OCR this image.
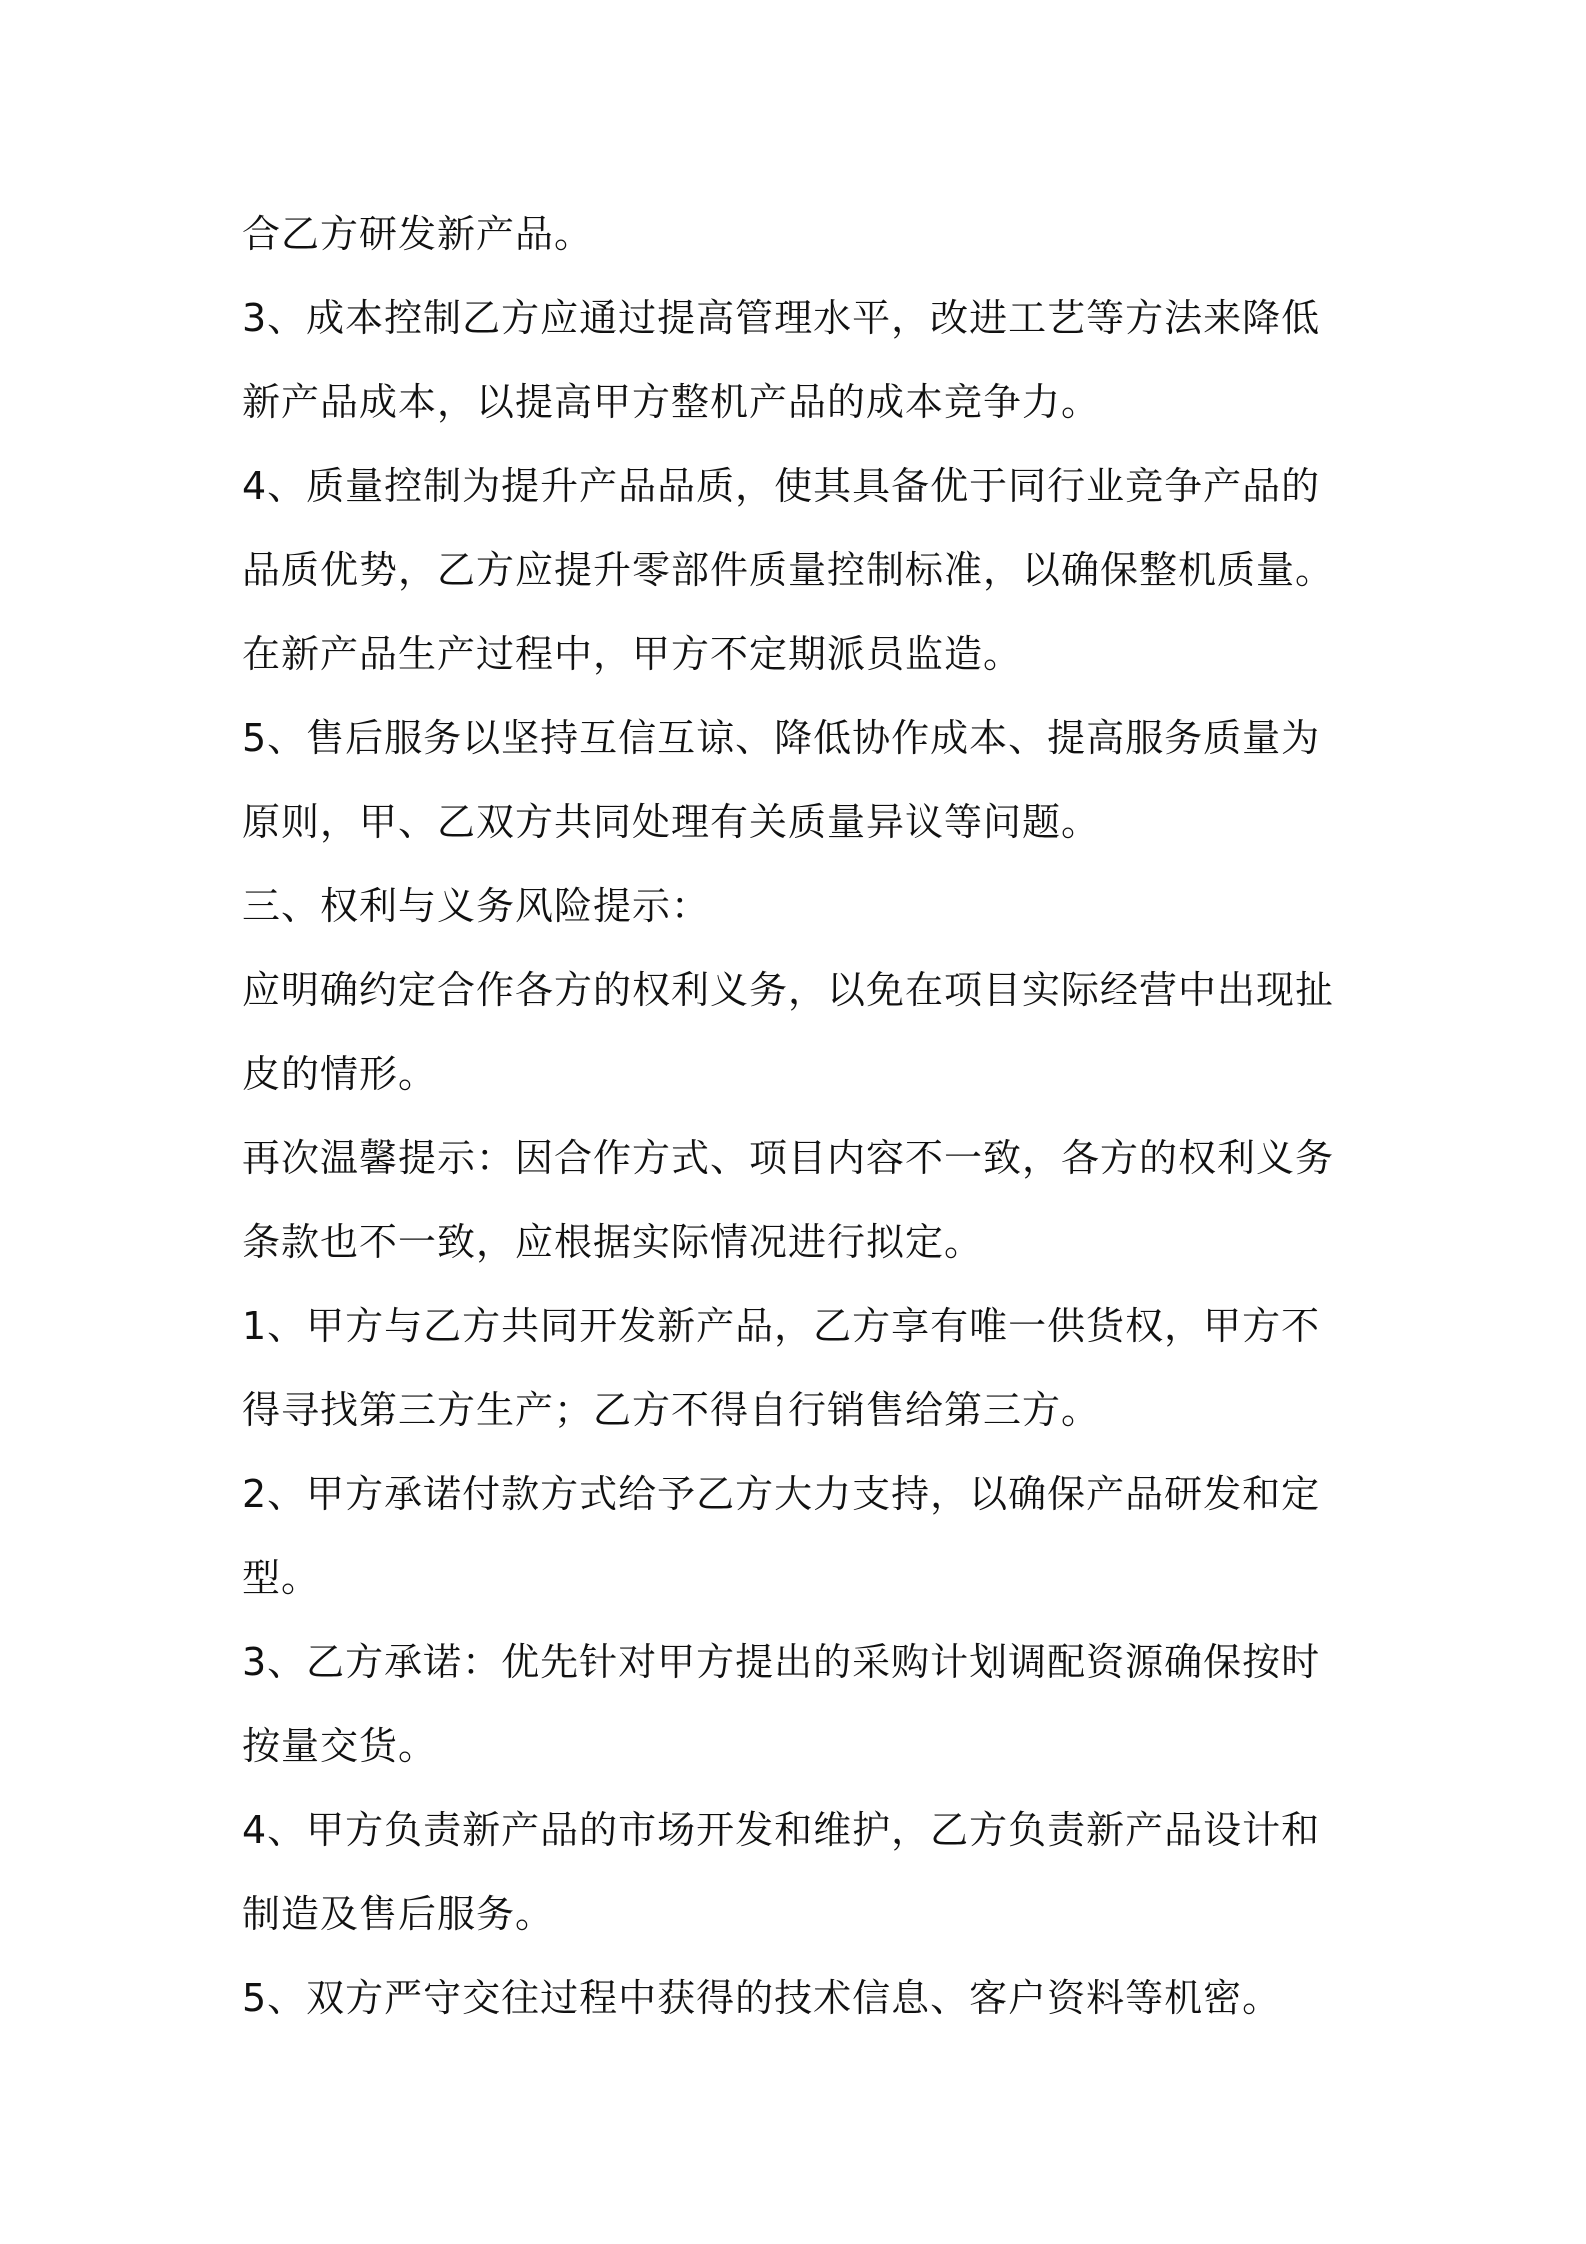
合乙方研发新产品。
3、成本控制乙方应通过提高管理水平，改进工艺等方法来降低
新产品成本，以提高甲方整机产品的成本竞争力。
4、质量控制为提升产品品质，使其具备优于同行业竞争产品的
品质优势，乙方应提升零部件质量控制标准，以确保整机质量。
在新产品生产过程中，甲方不定期派员监造。
5、售后服务以坚持互信互谅、降低协作成本、提高服务质量为
原则，甲、乙双方共同处理有关质量异议等问题。
三、权利与义务风险提示：
应明确约定合作各方的权利义务，以免在项目实际经营中出现扯
皮的情形。
再次温馨提示：因合作方式、项目内容不一致，各方的权利义务
条款也不一致，应根据实际情况进行拟定。
1、甲方与乙方共同开发新产品，乙方享有唯一供货权，甲方不
得寻找第三方生产；乙方不得自行销售给第三方。
2、甲方承诺付款方式给予乙方大力支持，以确保产品研发和定
型。
3、乙方承诺：优先针对甲方提出的采购计划调配资源确保按时
按量交货。
4、甲方负责新产品的市场开发和维护，乙方负责新产品设计和
制造及售后服务。
5、双方严守交往过程中获得的技术信息、客户资料等机密。
